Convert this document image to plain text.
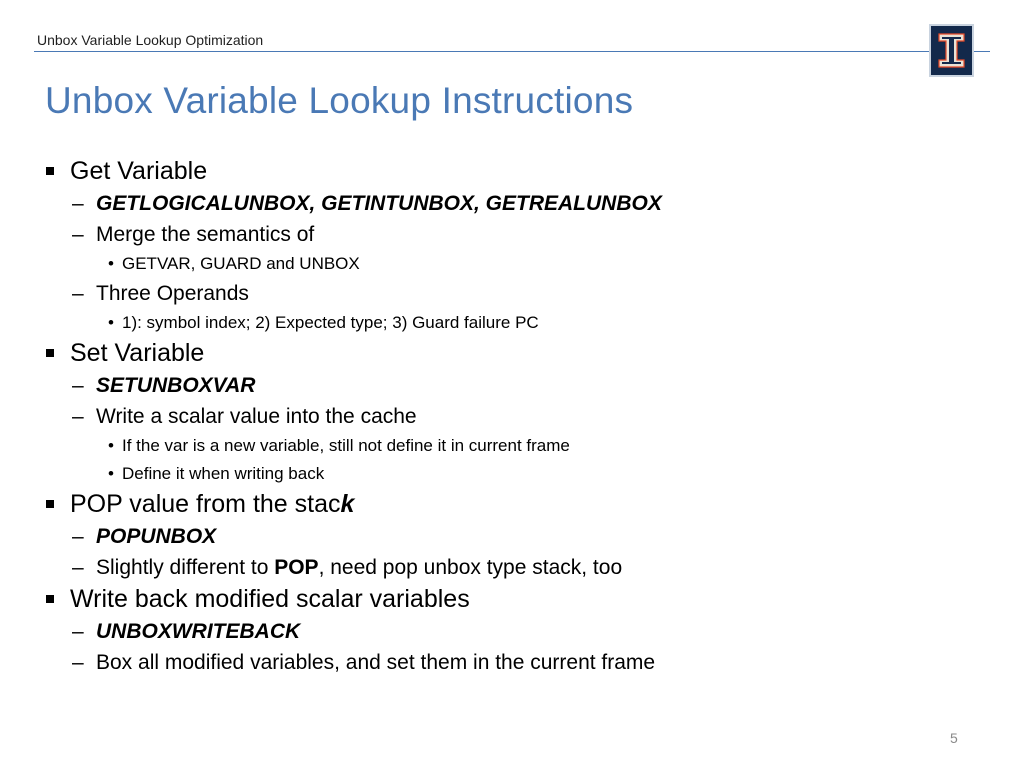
Unbox Variable Lookup Optimization
Unbox Variable Lookup Instructions
Get Variable
– GETLOGICALUNBOX, GETINTUNBOX, GETREALUNBOX
– Merge the semantics of
• GETVAR, GUARD and UNBOX
– Three Operands
• 1): symbol index; 2) Expected type; 3) Guard failure PC
Set Variable
– SETUNBOXVAR
– Write a scalar value into the cache
• If the var is a new variable, still not define it in current frame
• Define it when writing back
POP value from the stack
– POPUNBOX
– Slightly different to POP, need pop unbox type stack, too
Write back modified scalar variables
– UNBOXWRITEBACK
– Box all modified variables, and set them in the current frame
5
